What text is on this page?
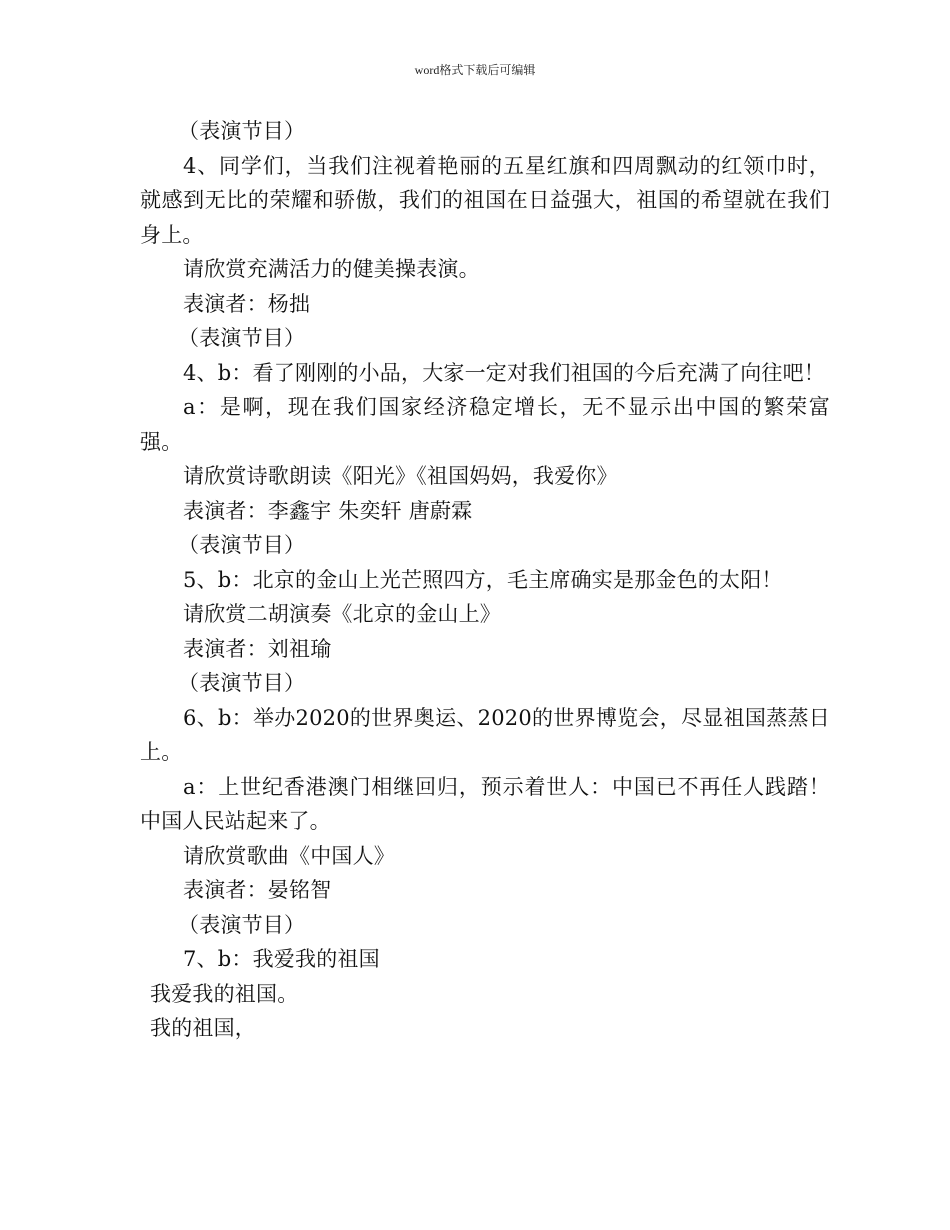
word格式下载后可编辑

（表演节目）

4、同学们，当我们注视着艳丽的五星红旗和四周飘动的红领巾时，就感到无比的荣耀和骄傲，我们的祖国在日益强大，祖国的希望就在我们身上。

请欣赏充满活力的健美操表演。

表演者：杨拙

（表演节目）

4、b：看了刚刚的小品，大家一定对我们祖国的今后充满了向往吧！

a：是啊，现在我们国家经济稳定增长，无不显示出中国的繁荣富强。

请欣赏诗歌朗读《阳光》《祖国妈妈，我爱你》

表演者：李鑫宇 朱奕轩 唐蔚霖

（表演节目）

5、b：北京的金山上光芒照四方，毛主席确实是那金色的太阳！

请欣赏二胡演奏《北京的金山上》

表演者：刘祖瑜

（表演节目）

6、b：举办2020的世界奥运、2020的世界博览会，尽显祖国蒸蒸日上。

a：上世纪香港澳门相继回归，预示着世人：中国已不再任人践踏！中国人民站起来了。

请欣赏歌曲《中国人》

表演者：晏铭智

（表演节目）

7、b：我爱我的祖国

我爱我的祖国。

我的祖国，
